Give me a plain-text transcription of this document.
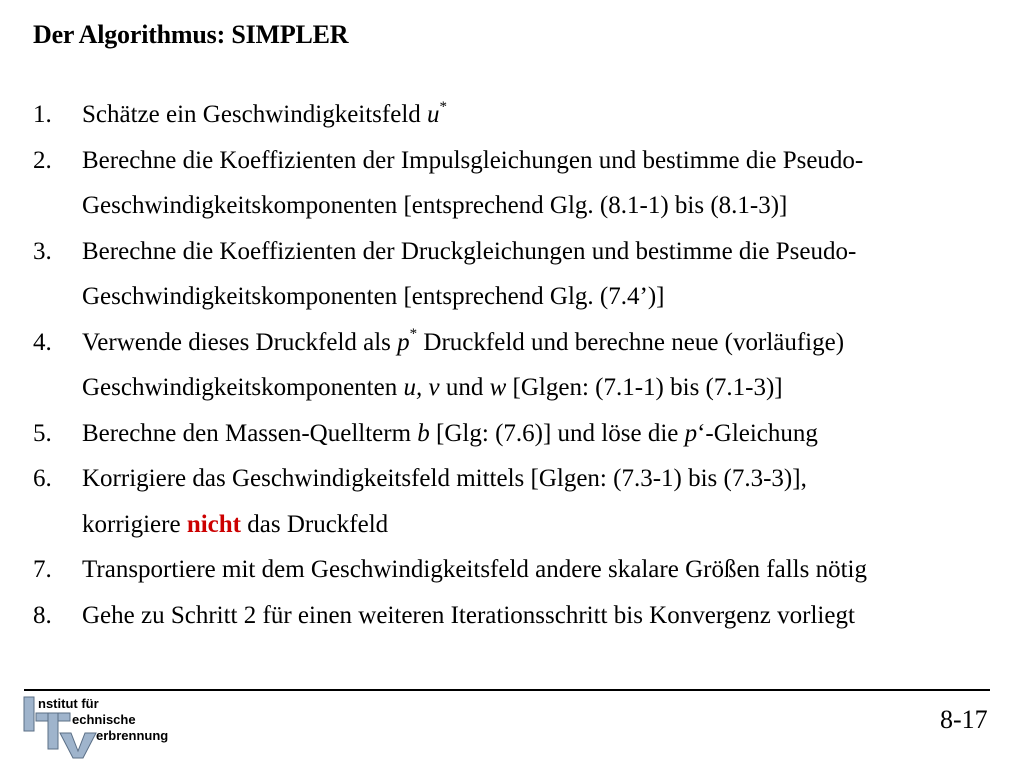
Der Algorithmus: SIMPLER
1.	Schätze ein Geschwindigkeitsfeld u*
2.	Berechne die Koeffizienten der Impulsgleichungen und bestimme die Pseudo-
Geschwindigkeitskomponenten [entsprechend Glg. (8.1-1) bis (8.1-3)]
3.	Berechne die Koeffizienten der Druckgleichungen und bestimme die Pseudo-
Geschwindigkeitskomponenten [entsprechend Glg. (7.4’)]
4.	Verwende dieses Druckfeld als p* Druckfeld und berechne neue (vorläufige)
Geschwindigkeitskomponenten u, v und w [Glgen: (7.1-1) bis (7.1-3)]
5.	Berechne den Massen-Quellterm b [Glg: (7.6)] und löse die p‘-Gleichung
6.	Korrigiere das Geschwindigkeitsfeld mittels [Glgen: (7.3-1) bis (7.3-3)],
korrigiere nicht das Druckfeld
7.	Transportiere mit dem Geschwindigkeitsfeld andere skalare Größen falls nötig
8.	Gehe zu Schritt 2 für einen weiteren Iterationsschritt bis Konvergenz vorliegt
nstitut für
echnische
erbrennung
8-17
